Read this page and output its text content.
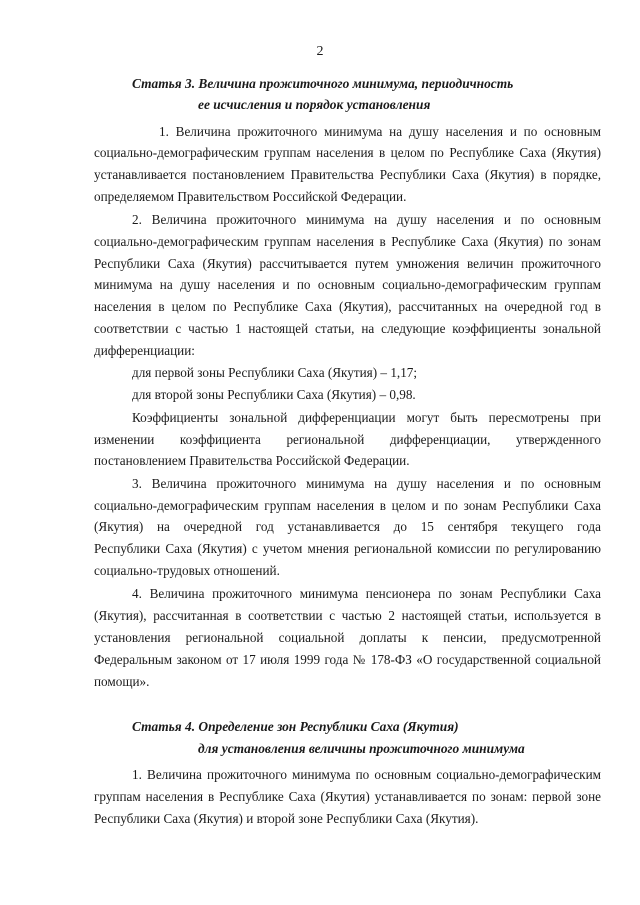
2
Статья 3. Величина прожиточного минимума, периодичность
ее исчисления и порядок установления
1. Величина прожиточного минимума на душу населения и по основным
социально-демографическим группам населения в целом по Республике Саха (Якутия)
устанавливается постановлением Правительства Республики Саха (Якутия) в порядке,
определяемом Правительством Российской Федерации.
2. Величина прожиточного минимума на душу населения и по основным
социально-демографическим группам населения в Республике Саха (Якутия) по зонам
Республики Саха (Якутия) рассчитывается путем умножения величин прожиточного
минимума на душу населения и по основным социально-демографическим группам
населения в целом по Республике Саха (Якутия), рассчитанных на очередной год в
соответствии с частью 1 настоящей статьи, на следующие коэффициенты зональной
дифференциации:
для первой зоны Республики Саха (Якутия) – 1,17;
для второй зоны Республики Саха (Якутия) – 0,98.
Коэффициенты зональной дифференциации могут быть пересмотрены при
изменении коэффициента региональной дифференциации, утвержденного
постановлением Правительства Российской Федерации.
3. Величина прожиточного минимума на душу населения и по основным
социально-демографическим группам населения в целом и по зонам Республики Саха
(Якутия) на очередной год устанавливается до 15 сентября текущего года
Республики Саха (Якутия) с учетом мнения региональной комиссии по регулированию
социально-трудовых отношений.
4. Величина прожиточного минимума пенсионера по зонам Республики Саха
(Якутия), рассчитанная в соответствии с частью 2 настоящей статьи, используется в
установления региональной социальной доплаты к пенсии, предусмотренной
Федеральным законом от 17 июля 1999 года № 178-ФЗ «О государственной социальной
помощи».
Статья 4. Определение зон Республики Саха (Якутия)
для установления величины прожиточного минимума
1. Величина прожиточного минимума по основным социально-демографическим
группам населения в Республике Саха (Якутия) устанавливается по зонам: первой зоне
Республики Саха (Якутия) и второй зоне Республики Саха (Якутия).
